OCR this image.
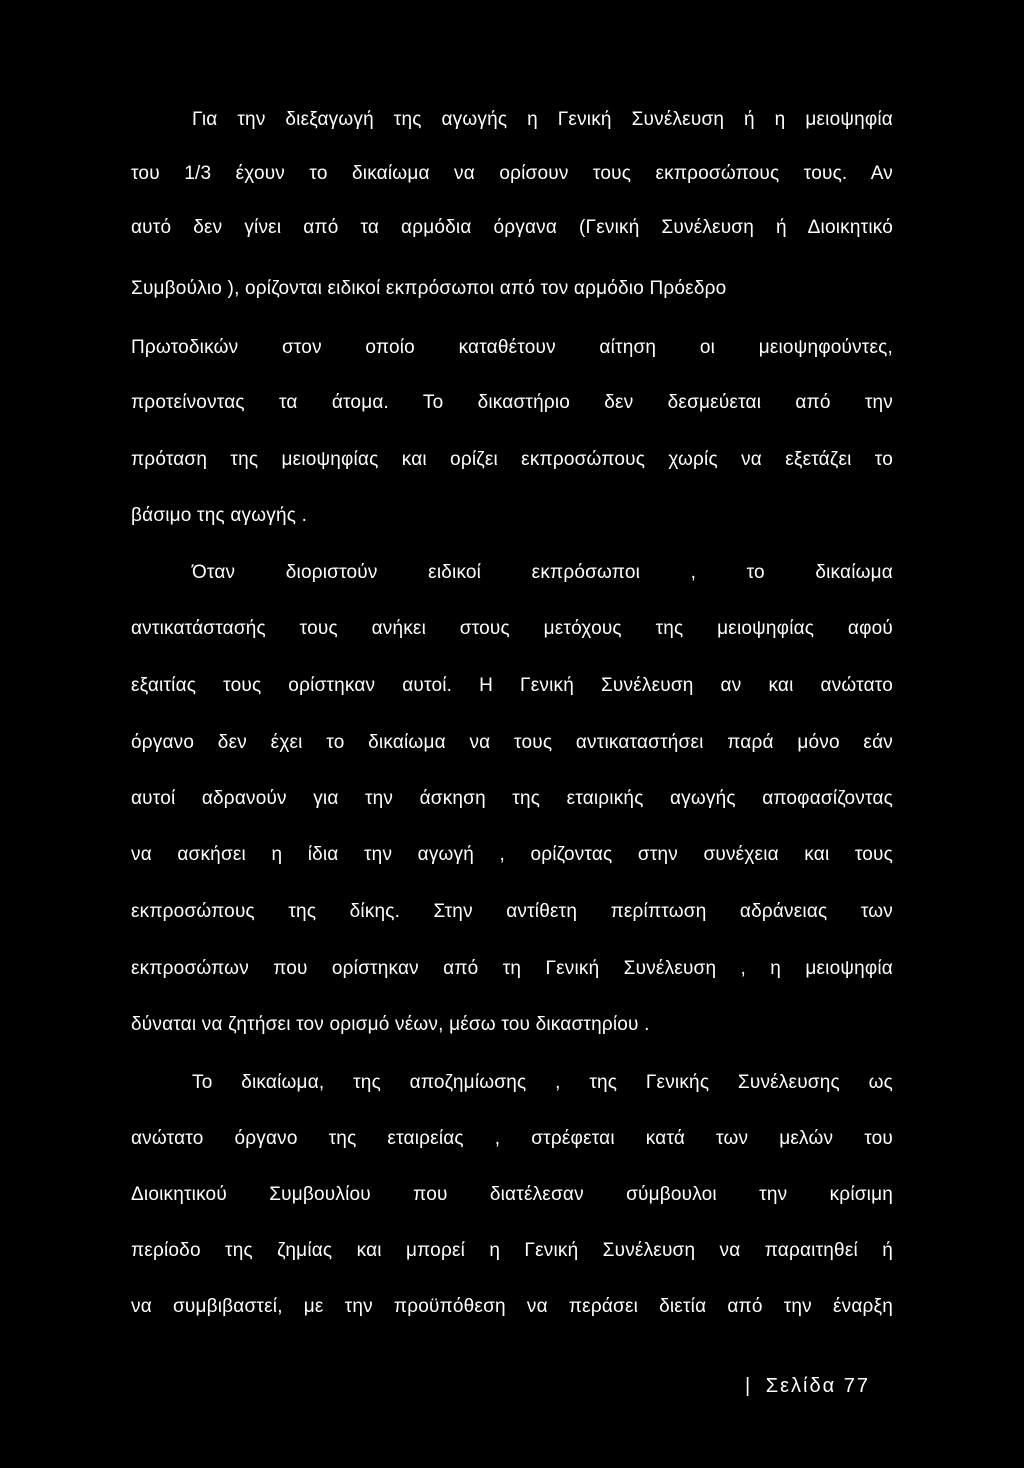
Για την διεξαγωγή της αγωγής η Γενική Συνέλευση ή η μειοψηφία
του 1/3 έχουν το δικαίωμα να ορίσουν τους εκπροσώπους τους. Αν
αυτό δεν γίνει από τα αρμόδια όργανα (Γενική Συνέλευση ή Διοικητικό
Συμβούλιο ), ορίζονται ειδικοί εκπρόσωποι από τον αρμόδιο Πρόεδρο
Πρωτοδικών στον οποίο καταθέτουν αίτηση οι μειοψηφούντες,
προτείνοντας τα άτομα. Το δικαστήριο δεν δεσμεύεται από την
πρόταση της μειοψηφίας και ορίζει εκπροσώπους χωρίς να εξετάζει το
βάσιμο της αγωγής .
Όταν διοριστούν ειδικοί εκπρόσωποι , το δικαίωμα
αντικατάστασής τους ανήκει στους μετόχους της μειοψηφίας αφού
εξαιτίας τους ορίστηκαν αυτοί. Η Γενική Συνέλευση αν και ανώτατο
όργανο δεν έχει το δικαίωμα να τους αντικαταστήσει παρά μόνο εάν
αυτοί αδρανούν για την άσκηση της εταιρικής αγωγής αποφασίζοντας
να ασκήσει η ίδια την αγωγή , ορίζοντας στην συνέχεια και τους
εκπροσώπους της δίκης. Στην αντίθετη περίπτωση αδράνειας των
εκπροσώπων που ορίστηκαν από τη Γενική Συνέλευση , η μειοψηφία
δύναται να ζητήσει τον ορισμό νέων, μέσω του δικαστηρίου .
Το δικαίωμα, της αποζημίωσης , της Γενικής Συνέλευσης ως
ανώτατο όργανο της εταιρείας , στρέφεται κατά των μελών του
Διοικητικού Συμβουλίου που διατέλεσαν σύμβουλοι την κρίσιμη
περίοδο της ζημίας και μπορεί η Γενική Συνέλευση να παραιτηθεί ή
να συμβιβαστεί, με την προϋπόθεση να περάσει διετία από την έναρξη
| Σελίδα 77
